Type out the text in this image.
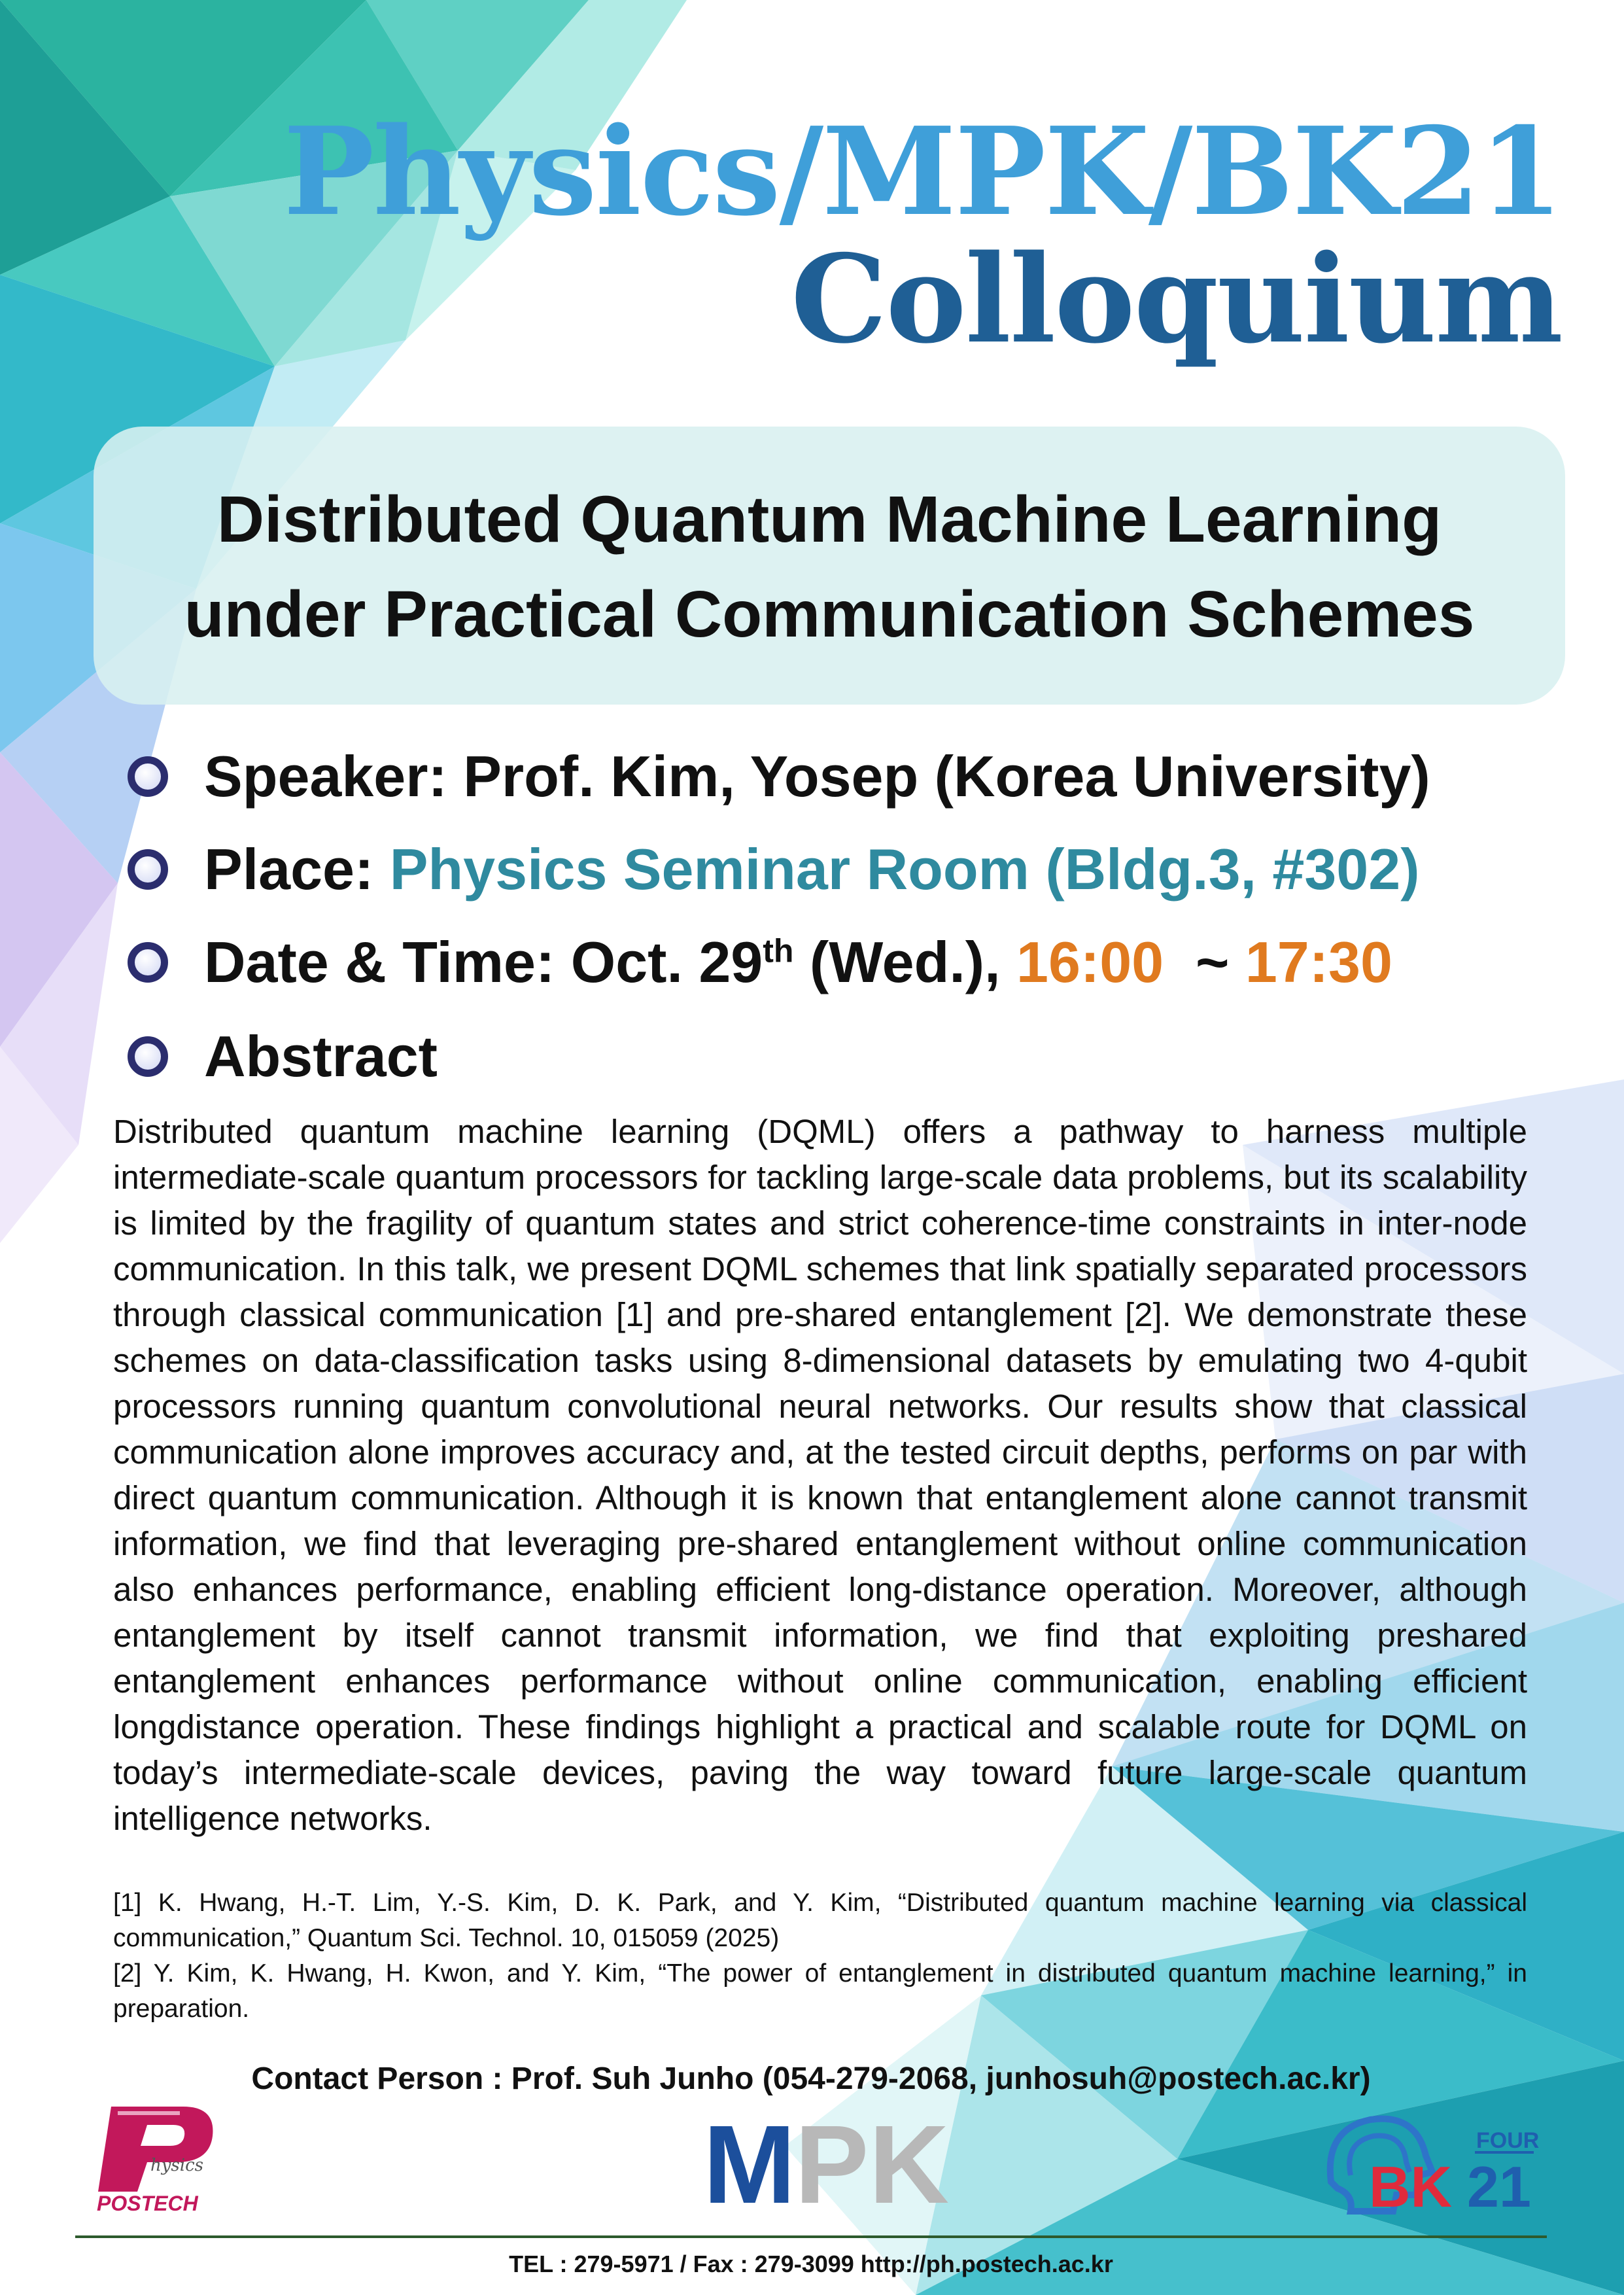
Physics/MPK/BK21
Colloquium
Distributed Quantum Machine Learning
under Practical Communication Schemes
Speaker: Prof. Kim, Yosep (Korea University)
Place: Physics Seminar Room (Bldg.3, #302)
Date & Time: Oct. 29th (Wed.), 16:00 ~ 17:30
Abstract
Distributed quantum machine learning (DQML) offers a pathway to harness multiple intermediate-scale quantum processors for tackling large-scale data problems, but its scalability is limited by the fragility of quantum states and strict coherence-time constraints in inter-node communication. In this talk, we present DQML schemes that link spatially separated processors through classical communication [1] and pre-shared entanglement [2]. We demonstrate these schemes on data-classification tasks using 8-dimensional datasets by emulating two 4-qubit processors running quantum convolutional neural networks. Our results show that classical communication alone improves accuracy and, at the tested circuit depths, performs on par with direct quantum communication. Although it is known that entanglement alone cannot transmit information, we find that leveraging pre-shared entanglement without online communication also enhances performance, enabling efficient long-distance operation. Moreover, although entanglement by itself cannot transmit information, we find that exploiting preshared entanglement enhances performance without online communication, enabling efficient longdistance operation. These findings highlight a practical and scalable route for DQML on today’s intermediate-scale devices, paving the way toward future large-scale quantum intelligence networks.

[1] K. Hwang, H.-T. Lim, Y.-S. Kim, D. K. Park, and Y. Kim, “Distributed quantum machine learning via classical communication,” Quantum Sci. Technol. 10, 015059 (2025)

[2] Y. Kim, K. Hwang, H. Kwon, and Y. Kim, “The power of entanglement in distributed quantum machine learning,” in preparation.

Contact Person : Prof. Suh Junho (054-279-2068, junhosuh@postech.ac.kr)
hysics
POSTECH	M
PK	BK 21
FOUR
TEL : 279-5971 / Fax : 279-3099 http://ph.postech.ac.kr
